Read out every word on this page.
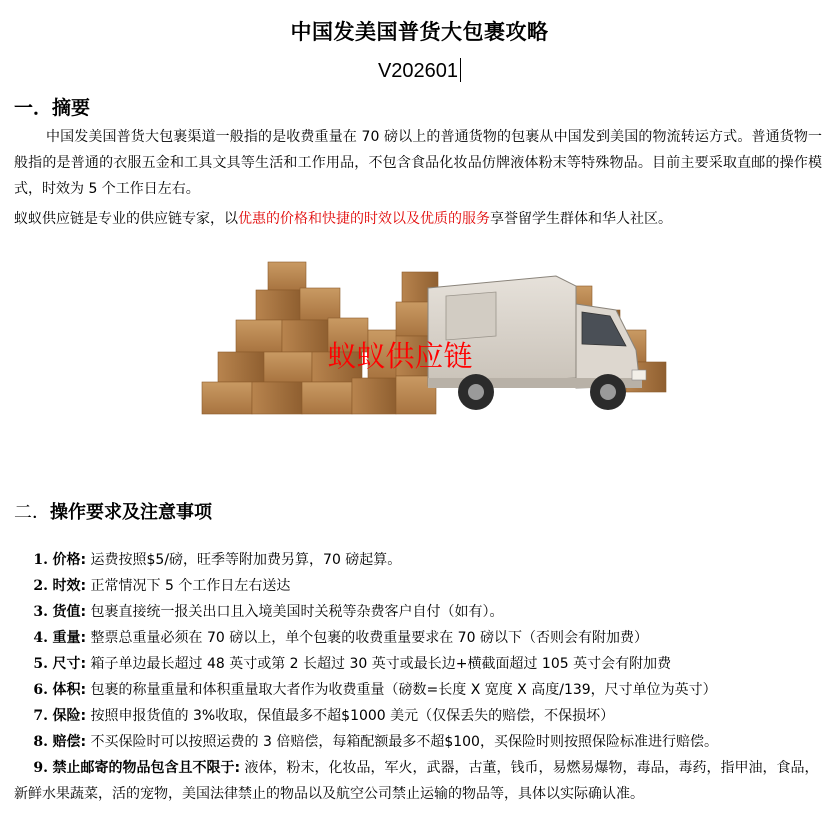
中国发美国普货大包裹攻略
V202601
一．摘要
中国发美国普货大包裹渠道一般指的是收费重量在 70 磅以上的普通货物的包裹从中国发到美国的物流转运方式。普通货物一般指的是普通的衣服五金和工具文具等生活和工作用品，不包含食品化妆品仿牌液体粉末等特殊物品。目前主要采取直邮的操作模式，时效为 5 个工作日左右。
蚁蚁供应链是专业的供应链专家，以优惠的价格和快捷的时效以及优质的服务享誉留学生群体和华人社区。
蚁蚁供应链
二．操作要求及注意事项
1. 价格: 运费按照$5/磅，旺季等附加费另算，70 磅起算。
2. 时效: 正常情况下 5 个工作日左右送达
3. 货值: 包裹直接统一报关出口且入境美国时关税等杂费客户自付（如有）。
4. 重量: 整票总重量必须在 70 磅以上，单个包裹的收费重量要求在 70 磅以下（否则会有附加费）
5. 尺寸: 箱子单边最长超过 48 英寸或第 2 长超过 30 英寸或最长边+横截面超过 105 英寸会有附加费
6. 体积: 包裹的称量重量和体积重量取大者作为收费重量（磅数=长度 X 宽度 X 高度/139，尺寸单位为英寸）
7. 保险: 按照申报货值的 3%收取，保值最多不超$1000 美元（仅保丢失的赔偿，不保损坏）
8. 赔偿: 不买保险时可以按照运费的 3 倍赔偿，每箱配额最多不超$100，买保险时则按照保险标准进行赔偿。
9. 禁止邮寄的物品包含且不限于: 液体，粉末，化妆品，军火，武器，古董，钱币，易燃易爆物，毒品，毒药，指甲油，食品，新鲜水果蔬菜，活的宠物，美国法律禁止的物品以及航空公司禁止运输的物品等，具体以实际确认准。
